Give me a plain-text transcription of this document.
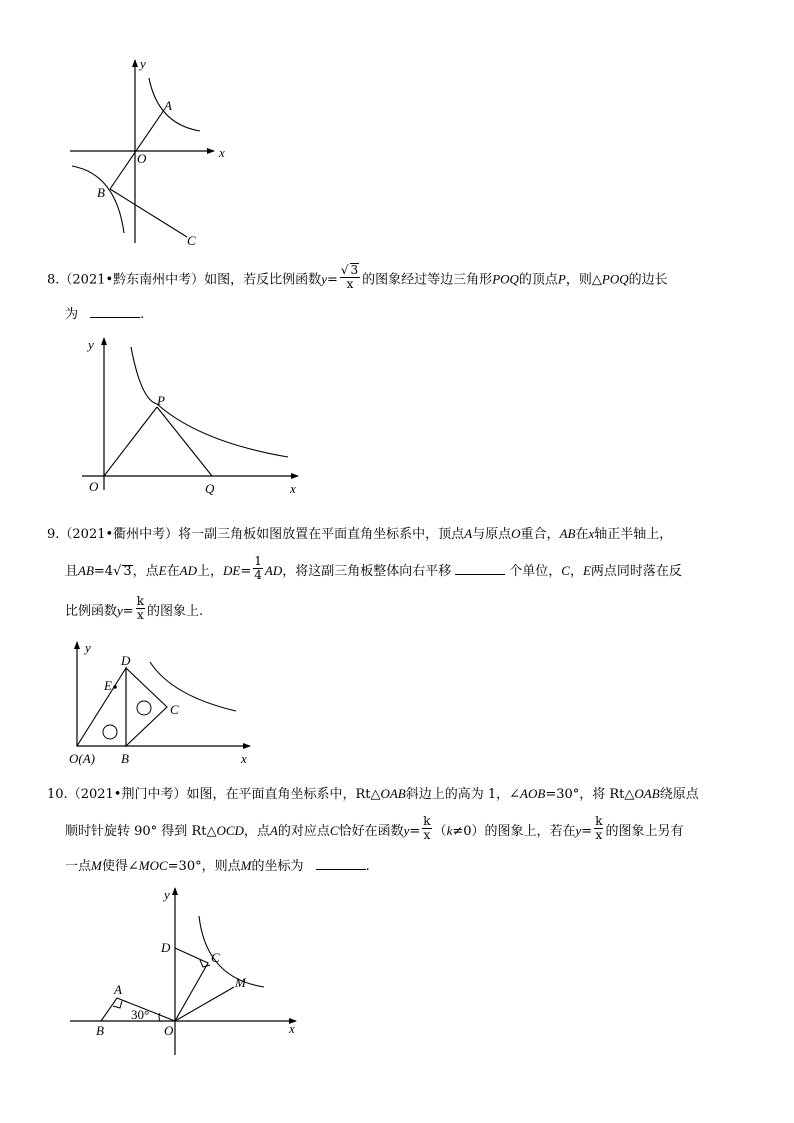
y
A
x
O
B
C
8.（2021•黔东南州中考）如图，若反比例函数$y= \frac{√ 3}{x}$ 的图象经过等边三角形POQ的顶点P，则△POQ的边长
为	.
y
P
O	Q	x
9.（2021•衢州中考）将一副三角板如图放置在平面直角坐标系中，顶点A与原点O重合，AB在x轴正半轴上，
且AB=4√ 3，点E在AD上，$DE= \frac{1}{4}$ AD，将这副三角板整体向右平移	个单位，C，E两点同时落在反
比例函数$y= \frac{k}{x}$ 的图象上.
y
D
E
C
O(A) B	x
10.（2021•荆门中考）如图，在平面直角坐标系中，Rt△OAB斜边上的高为 1，∠AOB=30°，将 Rt△OAB绕原点
顺时针旋转 90° 得到 Rt△OCD，点A的对应点C恰好在函数$y= \frac{k}{x} (k\ne 0)$的图象上，若在$y= \frac{k}{x}$ 的图象上另有
一点M使得∠MOC=30°，则点M的坐标为	.
y
D
C
A	M
30°
B	O	x
